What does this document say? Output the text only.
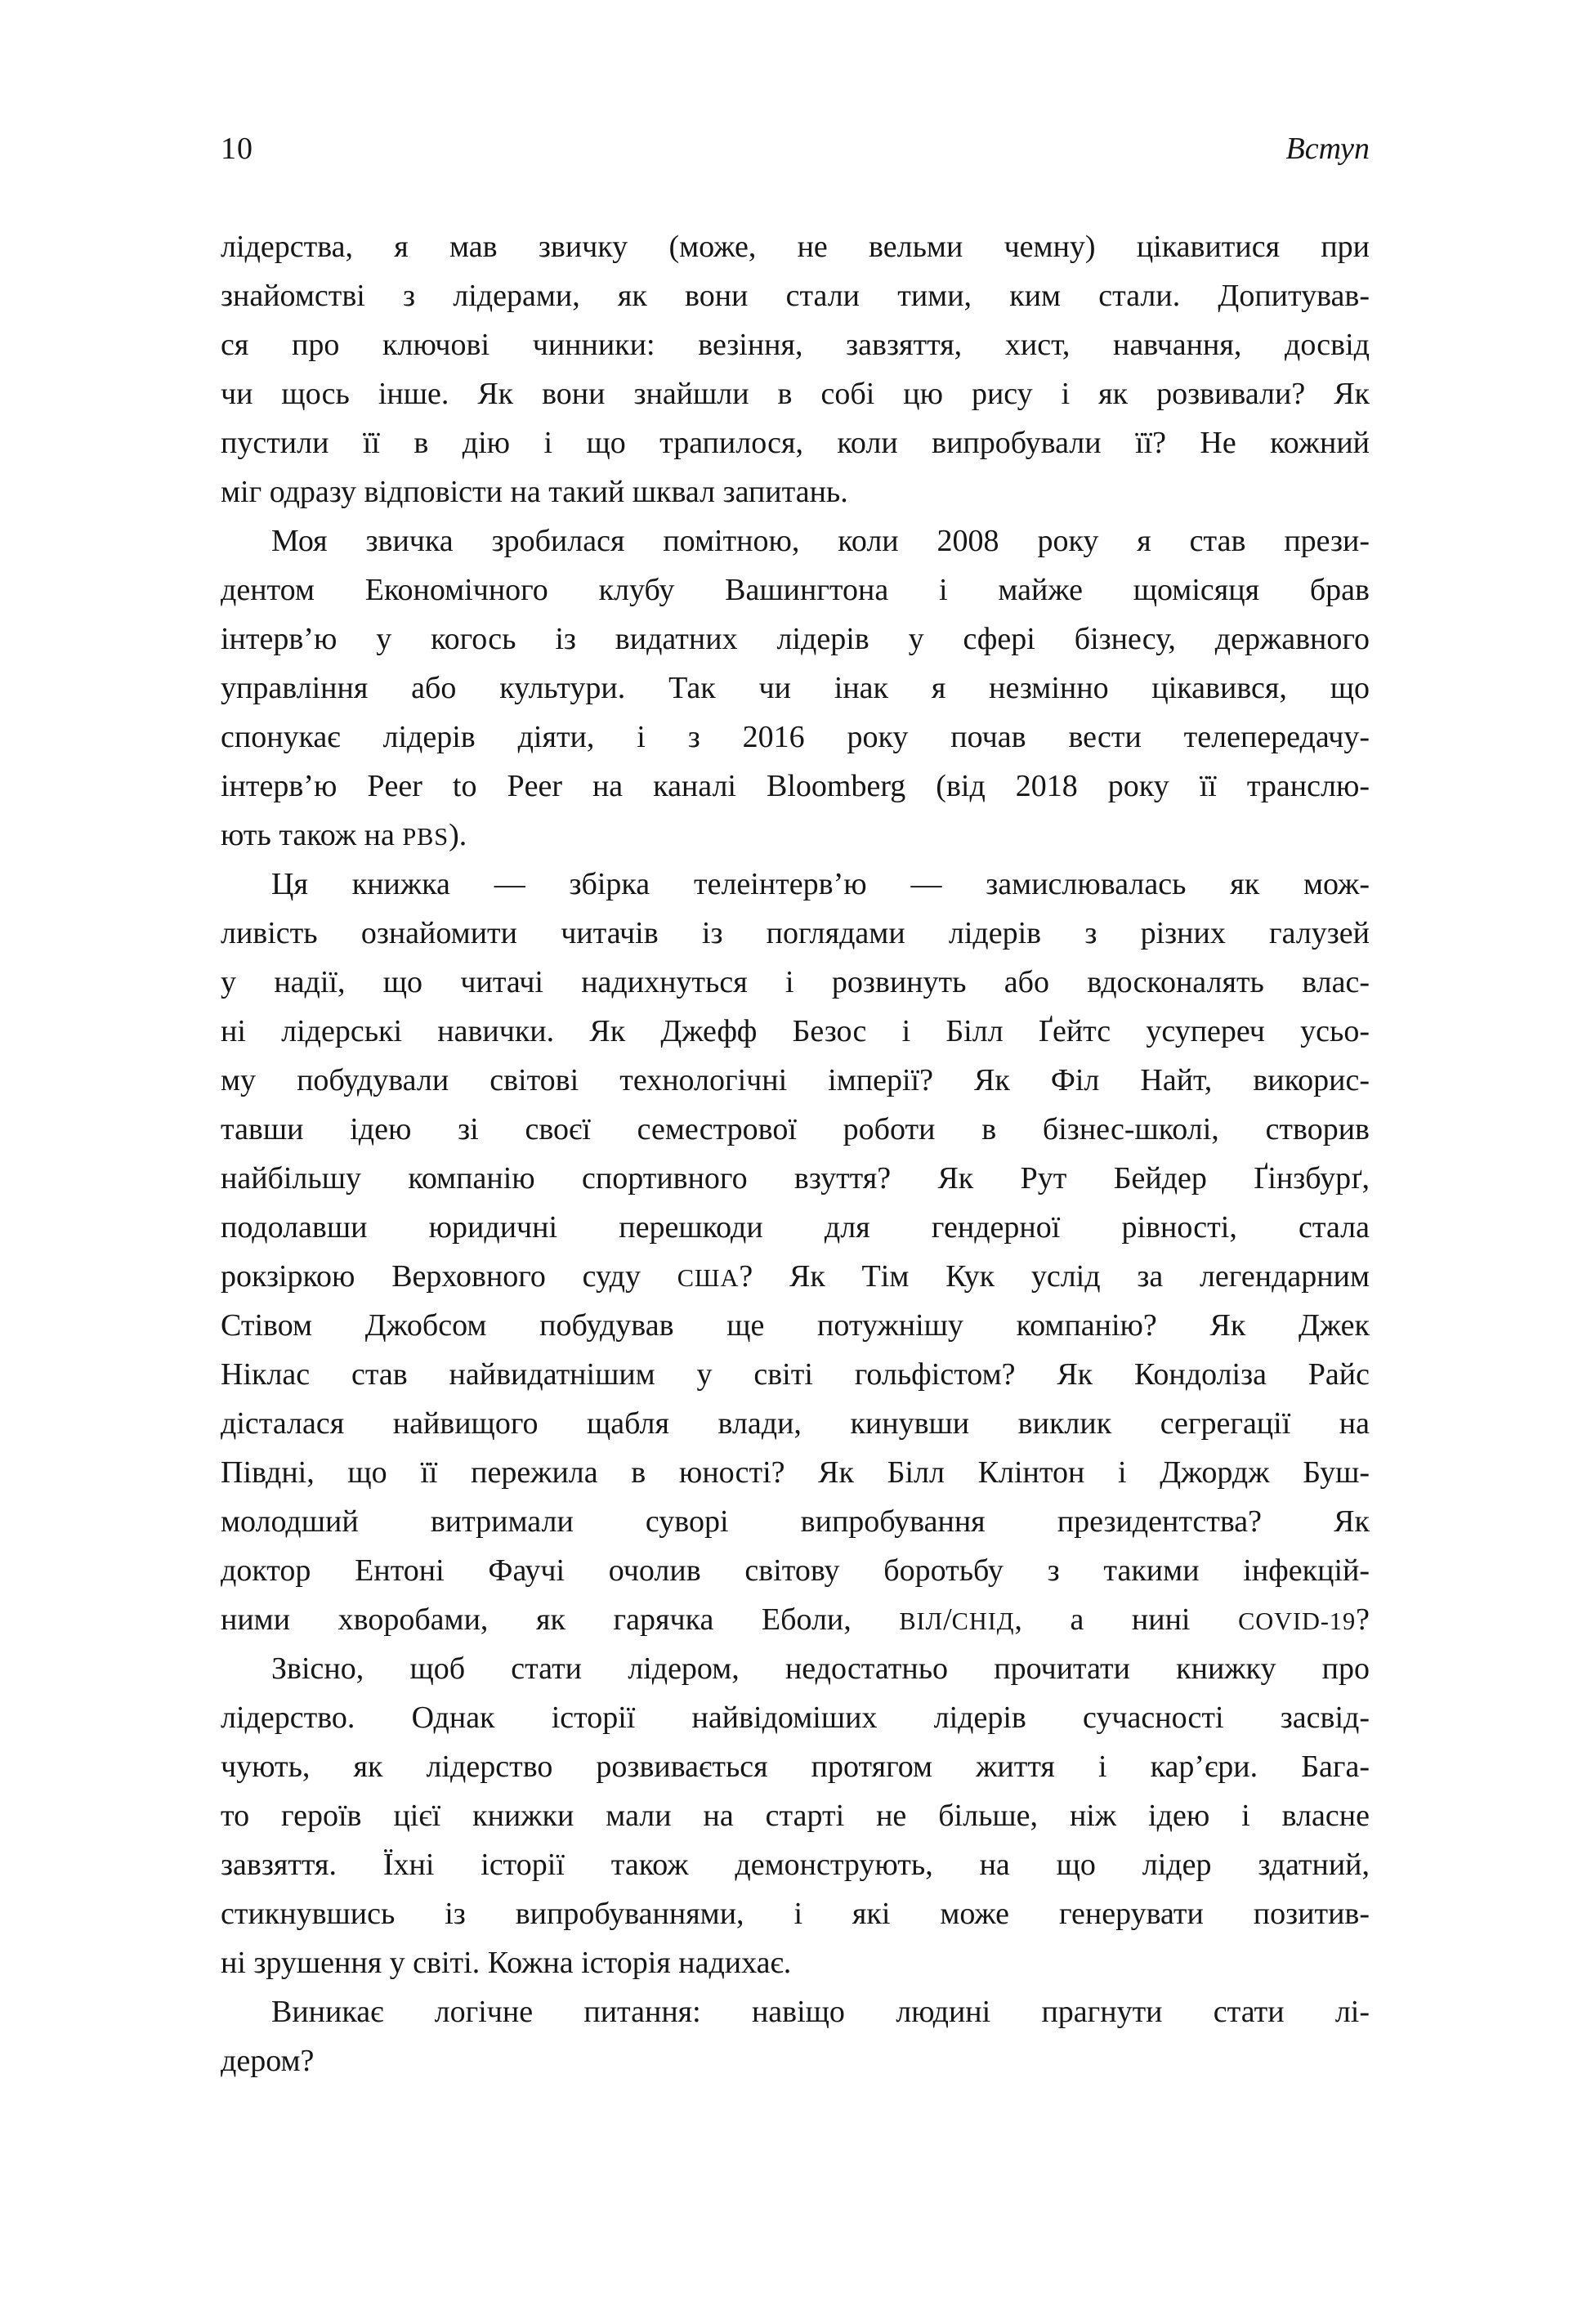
10	Вступ
лідерства, я мав звичку (може, не вельми чемну) цікавитися при
знайомстві з лідерами, як вони стали тими, ким стали. Допитував-
ся про ключові чинники: везіння, завзяття, хист, навчання, досвід
чи щось інше. Як вони знайшли в собі цю рису і як розвивали? Як
пустили її в дію і що трапилося, коли випробували її? Не кожний
міг одразу відповісти на такий шквал запитань.
Моя звичка зробилася помітною, коли 2008 року я став прези-
дентом Економічного клубу Вашингтона і майже щомісяця брав
інтерв’ю у когось із видатних лідерів у сфері бізнесу, державного
управління або культури. Так чи інак я незмінно цікавився, що
спонукає лідерів діяти, і з 2016 року почав вести телепередачу-
інтерв’ю Peer to Peer на каналі Bloomberg (від 2018 року її транслю-
ють також на PBS).
Ця книжка — збірка телеінтерв’ю — замислювалась як мож-
ливість ознайомити читачів із поглядами лідерів з різних галузей
у надії, що читачі надихнуться і розвинуть або вдосконалять влас-
ні лідерські навички. Як Джефф Безос і Білл Ґейтс усупереч усьо-
му побудували світові технологічні імперії? Як Філ Найт, викорис-
тавши ідею зі своєї семестрової роботи в бізнес-школі, створив
найбільшу компанію спортивного взуття? Як Рут Бейдер Ґінзбурґ,
подолавши юридичні перешкоди для гендерної рівності, стала
рокзіркою Верховного суду США? Як Тім Кук услід за легендарним
Стівом Джобсом побудував ще потужнішу компанію? Як Джек
Ніклас став найвидатнішим у світі гольфістом? Як Кондоліза Райс
дісталася найвищого щабля влади, кинувши виклик сегрегації на
Півдні, що її пережила в юності? Як Білл Клінтон і Джордж Буш-
молодший витримали суворі випробування президентства? Як
доктор Ентоні Фаучі очолив світову боротьбу з такими інфекцій-
ними хворобами, як гарячка Еболи, ВІЛ/СНІД, а нині COVID-19?
Звісно, щоб стати лідером, недостатньо прочитати книжку про
лідерство. Однак історії найвідоміших лідерів сучасності засвід-
чують, як лідерство розвивається протягом життя і кар’єри. Бага-
то героїв цієї книжки мали на старті не більше, ніж ідею і власне
завзяття. Їхні історії також демонструють, на що лідер здатний,
стикнувшись із випробуваннями, і які може генерувати позитив-
ні зрушення у світі. Кожна історія надихає.
Виникає логічне питання: навіщо людині прагнути стати лі-
дером?
